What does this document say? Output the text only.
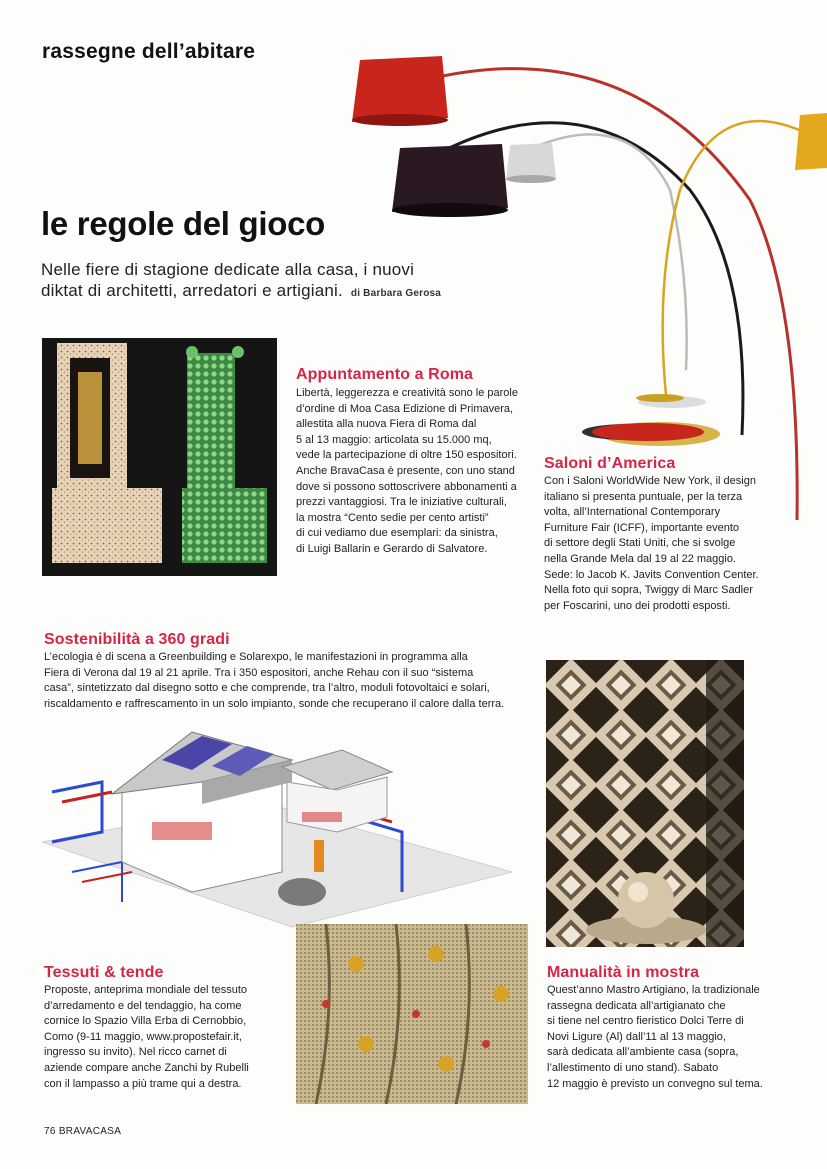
rassegne dell’abitare
le regole del gioco
Nelle fiere di stagione dedicate alla casa, i nuovi
diktat di architetti, arredatori e artigiani. di Barbara Gerosa
Appuntamento a Roma
Libertà, leggerezza e creatività sono le parole
d’ordine di Moa Casa Edizione di Primavera,
allestita alla nuova Fiera di Roma dal
5 al 13 maggio: articolata su 15.000 mq,
vede la partecipazione di oltre 150 espositori.
Anche BravaCasa è presente, con uno stand
dove si possono sottoscrivere abbonamenti a
prezzi vantaggiosi. Tra le iniziative culturali,
la mostra “Cento sedie per cento artisti”
di cui vediamo due esemplari: da sinistra,
di Luigi Ballarin e Gerardo di Salvatore.
Saloni d’America
Con i Saloni WorldWide New York, il design
italiano si presenta puntuale, per la terza
volta, all’International Contemporary
Furniture Fair (ICFF), importante evento
di settore degli Stati Uniti, che si svolge
nella Grande Mela dal 19 al 22 maggio.
Sede: lo Jacob K. Javits Convention Center.
Nella foto qui sopra, Twiggy di Marc Sadler
per Foscarini, uno dei prodotti esposti.
Sostenibilità a 360 gradi
L’ecologia è di scena a Greenbuilding e Solarexpo, le manifestazioni in programma alla
Fiera di Verona dal 19 al 21 aprile. Tra i 350 espositori, anche Rehau con il suo “sistema
casa”, sintetizzato dal disegno sotto e che comprende, tra l’altro, moduli fotovoltaici e solari,
riscaldamento e raffrescamento in un solo impianto, sonde che recuperano il calore dalla terra.
Tessuti & tende
Proposte, anteprima mondiale del tessuto
d’arredamento e del tendaggio, ha come
cornice lo Spazio Villa Erba di Cernobbio,
Como (9-11 maggio, www.propostefair.it,
ingresso su invito). Nel ricco carnet di
aziende compare anche Zanchi by Rubelli
con il lampasso a più trame qui a destra.
Manualità in mostra
Quest’anno Mastro Artigiano, la tradizionale
rassegna dedicata all’artigianato che
si tiene nel centro fieristico Dolci Terre di
Novi Ligure (Al) dall’11 al 13 maggio,
sarà dedicata all’ambiente casa (sopra,
l’allestimento di uno stand). Sabato
12 maggio è previsto un convegno sul tema.
76 BRAVACASA
